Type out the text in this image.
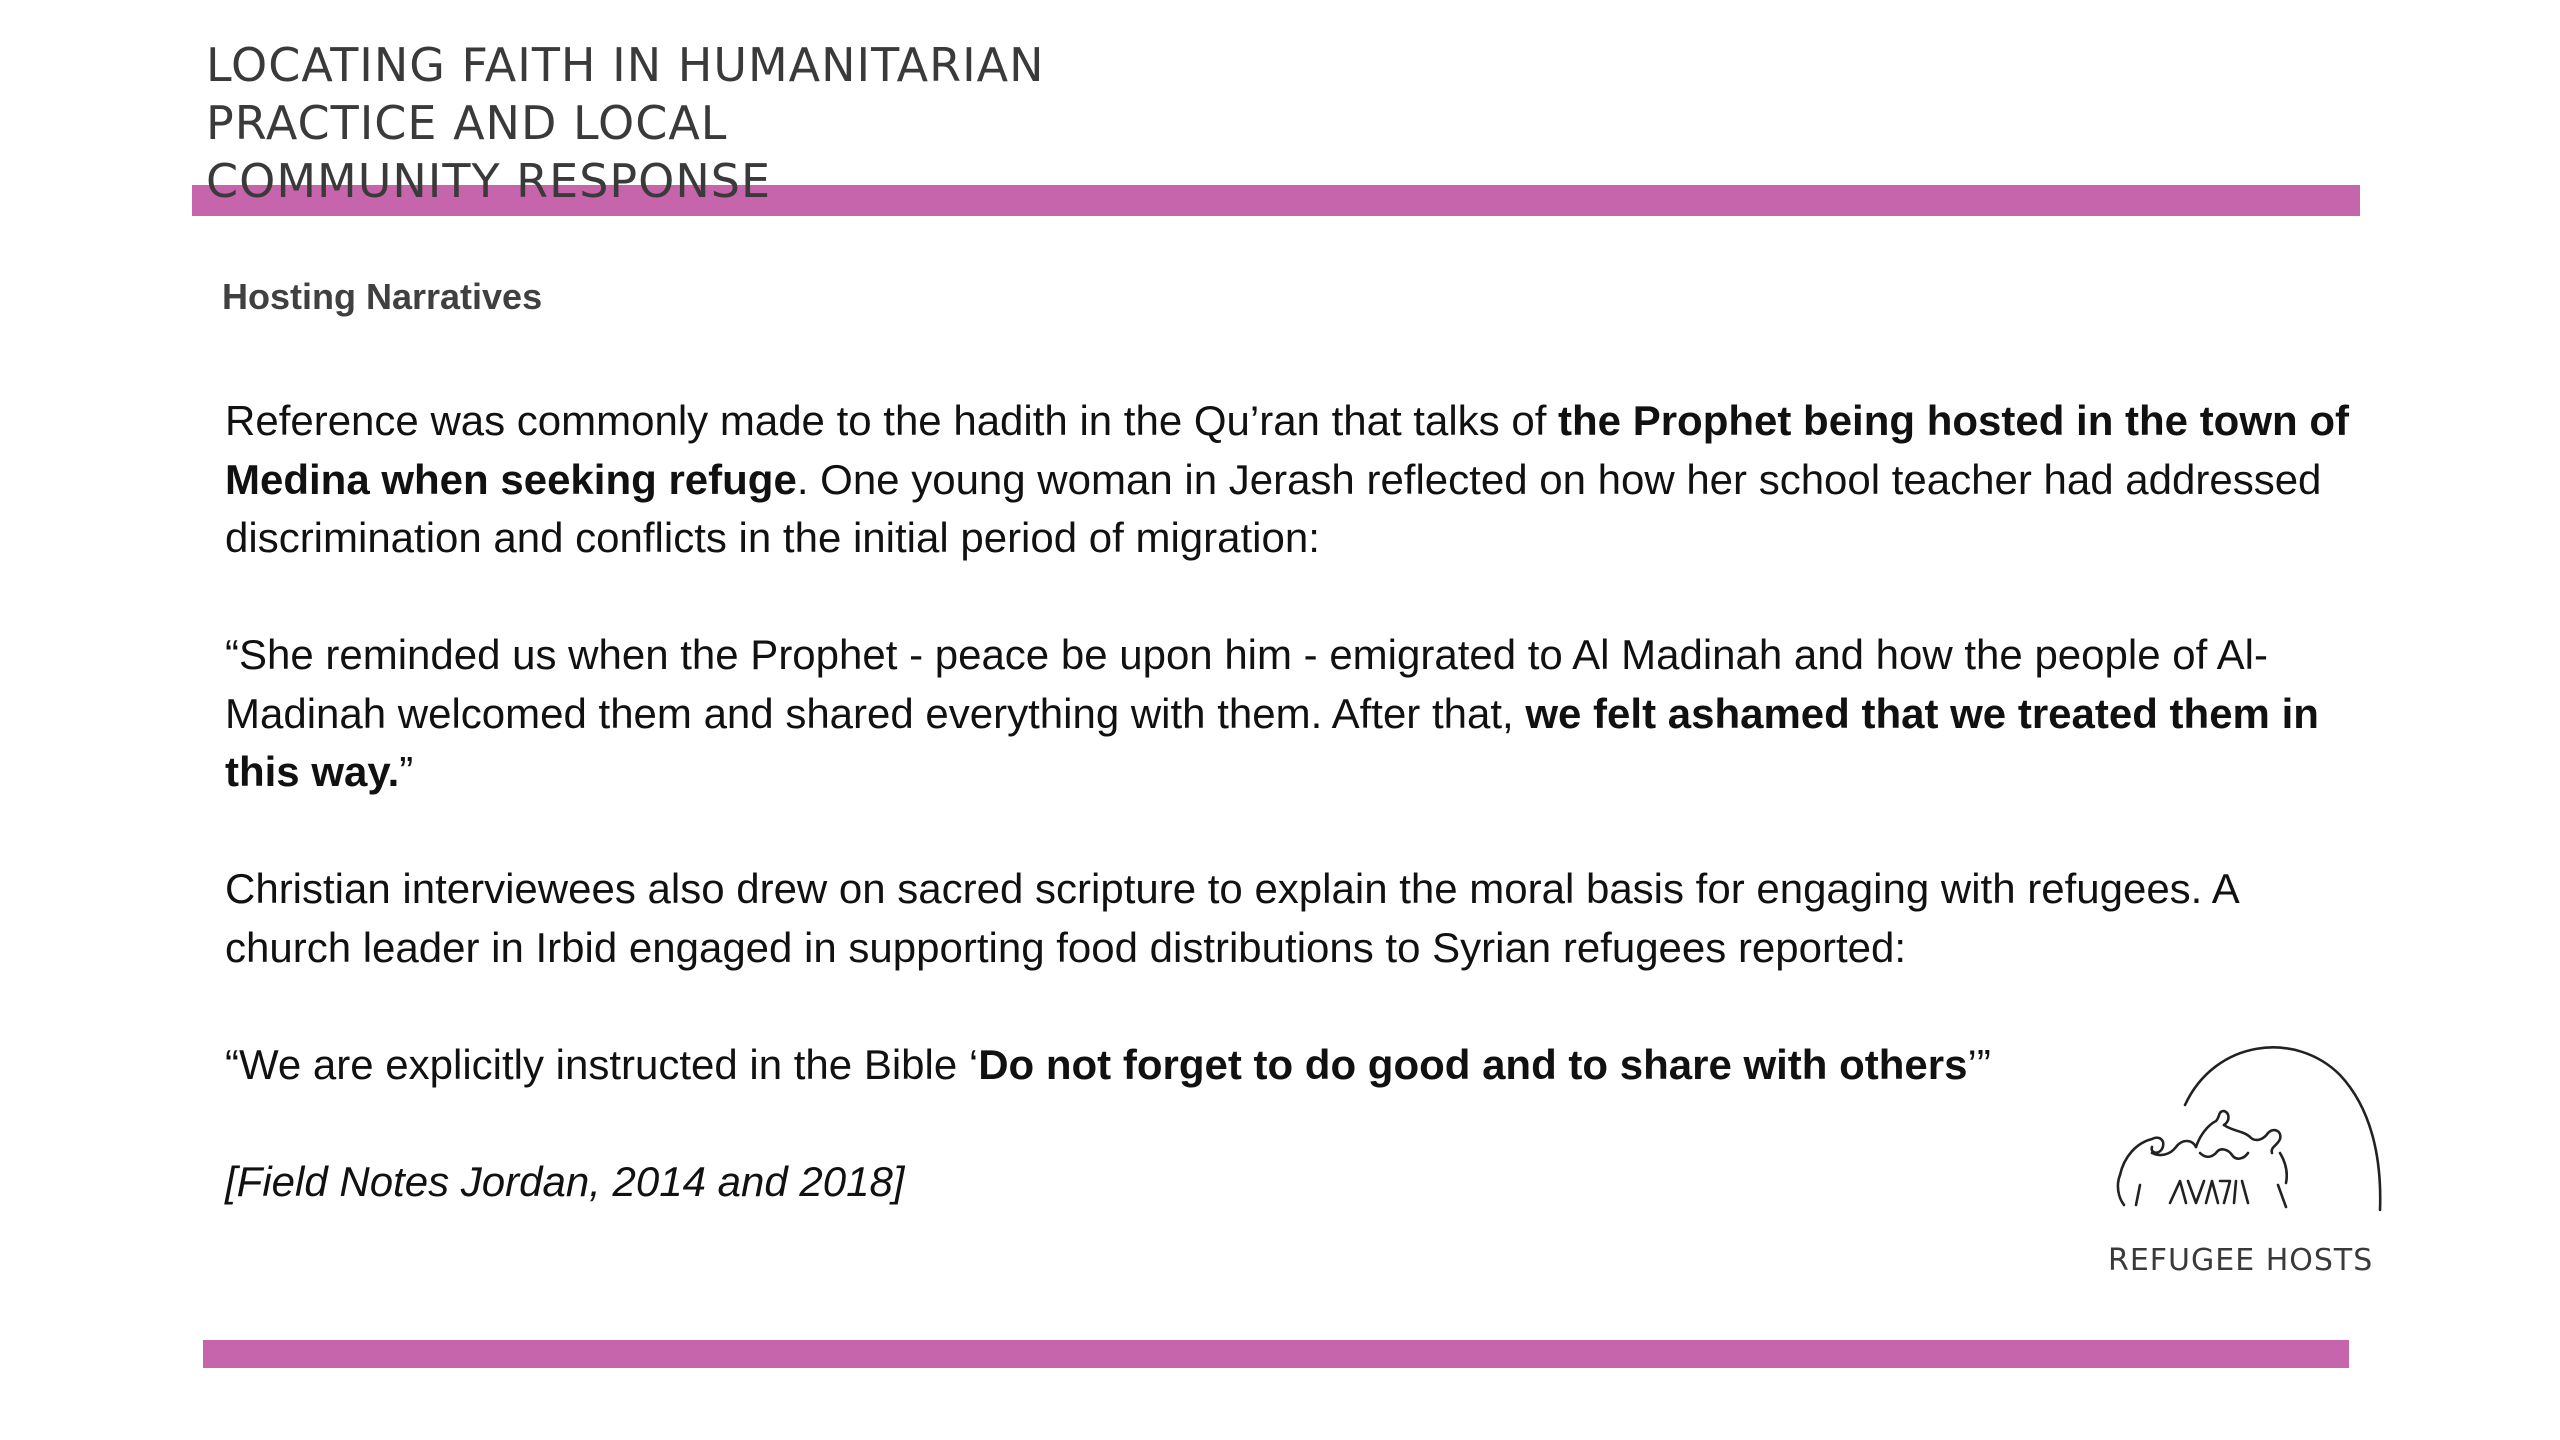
LOCATING FAITH IN HUMANITARIAN
PRACTICE AND LOCAL
COMMUNITY RESPONSE
Hosting Narratives

Reference was commonly made to the hadith in the Qu’ran that talks of the Prophet being hosted in the town of Medina when seeking refuge. One young woman in Jerash reflected on how her school teacher had addressed discrimination and conflicts in the initial period of migration:

“She reminded us when the Prophet - peace be upon him - emigrated to Al Madinah and how the people of Al-Madinah welcomed them and shared everything with them. After that, we felt ashamed that we treated them in this way.”

Christian interviewees also drew on sacred scripture to explain the moral basis for engaging with refugees. A church leader in Irbid engaged in supporting food distributions to Syrian refugees reported:

“We are explicitly instructed in the Bible ‘Do not forget to do good and to share with others’”

[Field Notes Jordan, 2014 and 2018]

REFUGEE HOSTS
